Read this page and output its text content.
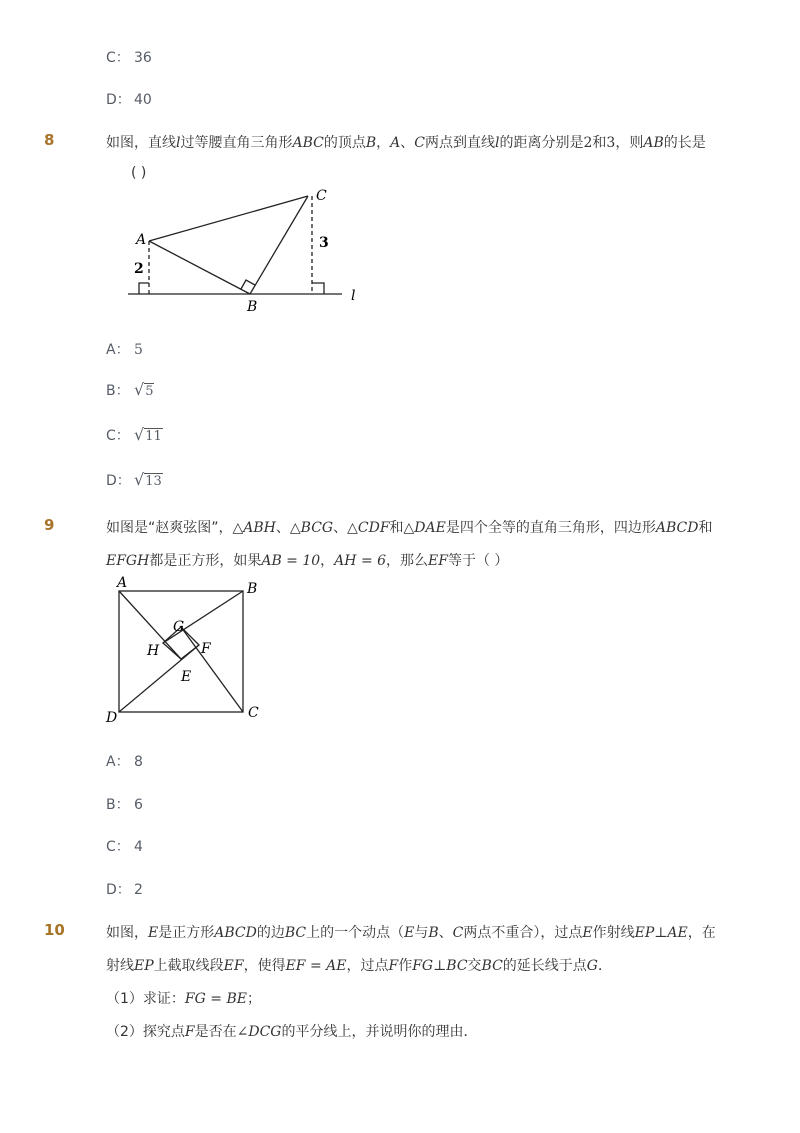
C： 36
D： 40
8	如图，直线l过等腰直角三角形ABC的顶点B，A、C两点到直线l的距离分别是2和3，则AB的长是
( )
A
C
B
l
2
3
A： 5
B： √5
C： √11
D： √13
9	如图是“赵爽弦图”，△ABH、△BCG、△CDF和△DAE是四个全等的直角三角形，四边形ABCD和
EFGH都是正方形，如果AB = 10，AH = 6，那么EF等于（ ）
A	B
C
D
E
F
G
H
A： 8
B： 6
C： 4
D： 2
10	如图，E是正方形ABCD的边BC上的一个动点（E与B、C两点不重合），过点E作射线EP⊥AE，在
射线EP上截取线段EF，使得EF = AE，过点F作FG⊥BC交BC的延长线于点G．
（1）求证：FG = BE；
（2）探究点F是否在∠DCG的平分线上，并说明你的理由．
